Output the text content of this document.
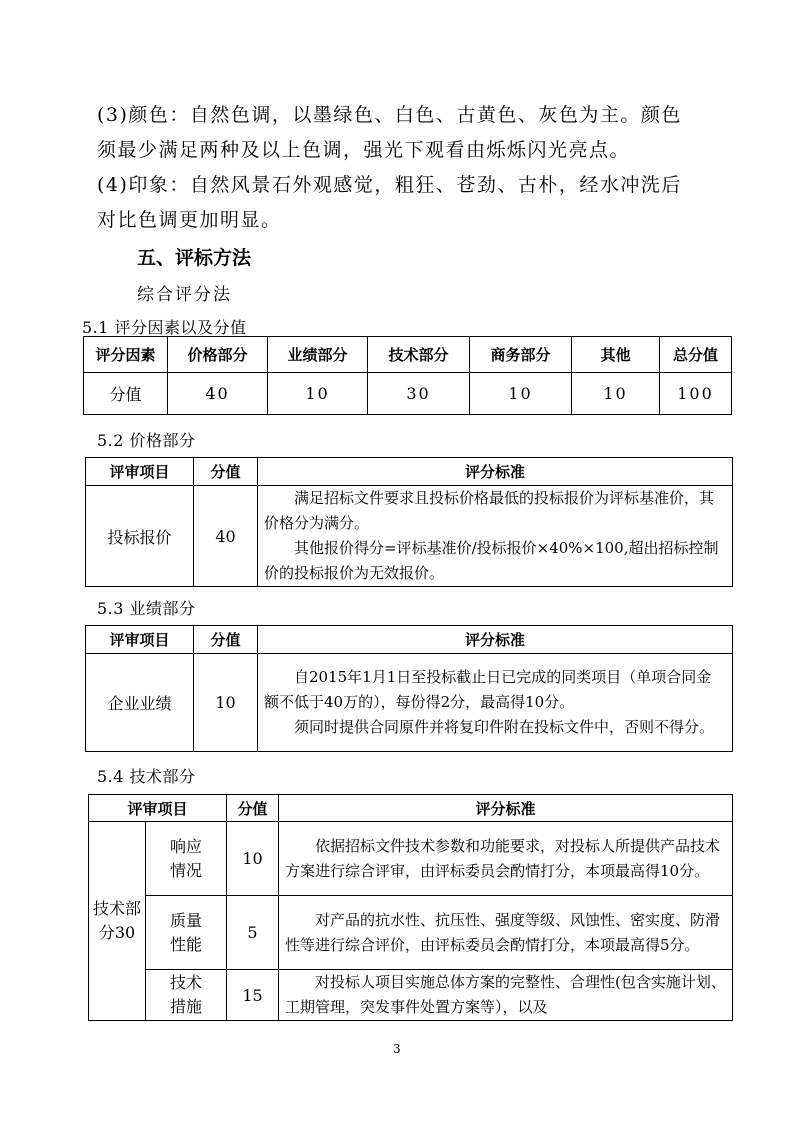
(3)颜色：自然色调，以墨绿色、白色、古黄色、灰色为主。颜色
须最少满足两种及以上色调，强光下观看由烁烁闪光亮点。
(4)印象：自然风景石外观感觉，粗狂、苍劲、古朴，经水冲洗后
对比色调更加明显。
五、评标方法
综合评分法
5.1 评分因素以及分值
评分因素	价格部分	业绩部分	技术部分	商务部分	其他	总分值
分值	40	10	30	10	10	100
5.2 价格部分
评审项目	分值	评分标准
投标报价	40	满足招标文件要求且投标价格最低的投标报价为评标基准价，其价格分为满分。
其他报价得分=评标基准价/投标报价×40%×100,超出招标控制价的投标报价为无效报价。
5.3 业绩部分
评审项目	分值	评分标准
企业业绩	10	自2015年1月1日至投标截止日已完成的同类项目（单项合同金额不低于40万的），每份得2分，最高得10分。
须同时提供合同原件并将复印件附在投标文件中，否则不得分。
5.4 技术部分
评审项目		分值	评分标准
技术部分30	响应情况	10	依据招标文件技术参数和功能要求，对投标人所提供产品技术方案进行综合评审，由评标委员会酌情打分，本项最高得10分。
	质量性能	5	对产品的抗水性、抗压性、强度等级、风蚀性、密实度、防滑性等进行综合评价，由评标委员会酌情打分，本项最高得5分。
	技术措施	15	对投标人项目实施总体方案的完整性、合理性(包含实施计划、工期管理，突发事件处置方案等），以及
3
